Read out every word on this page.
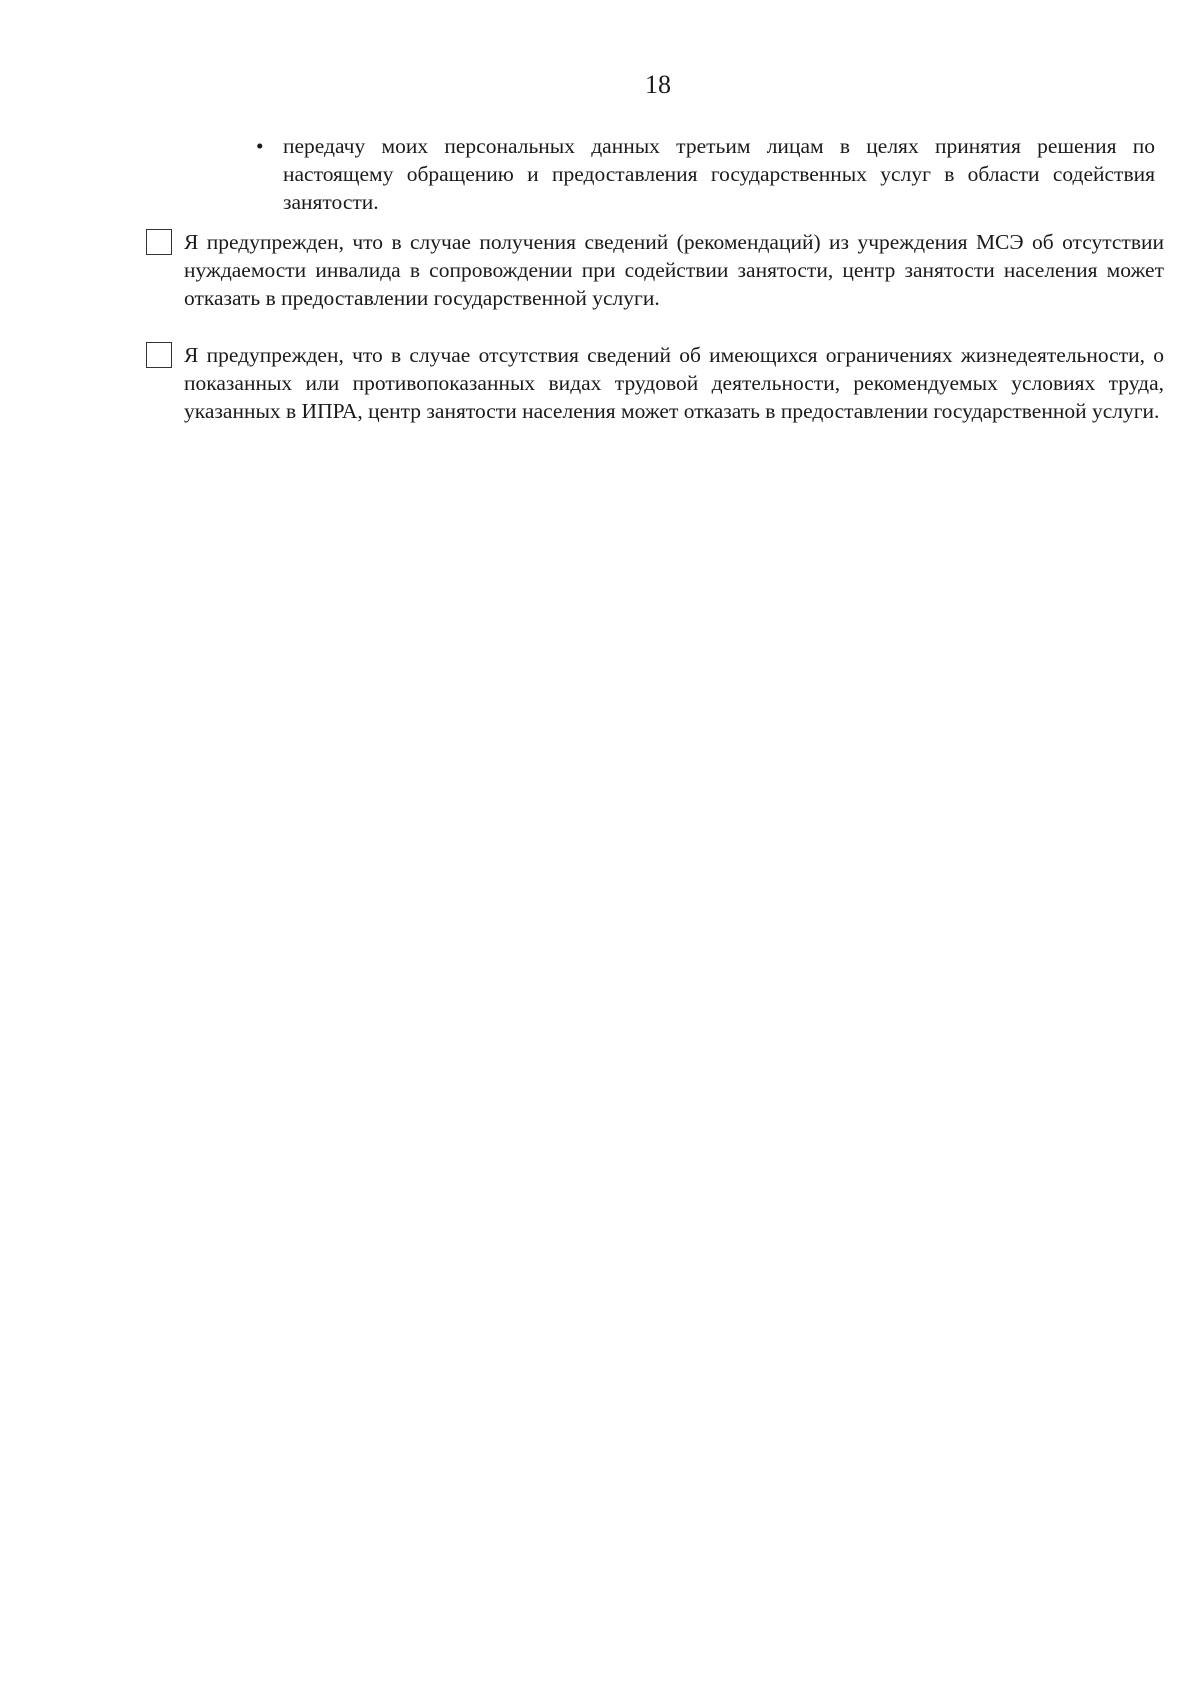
18
• передачу моих персональных данных третьим лицам в целях принятия решения по настоящему обращению и предоставления государственных услуг в области содействия занятости.
Я предупрежден, что в случае получения сведений (рекомендаций) из учреждения МСЭ об отсутствии нуждаемости инвалида в сопровождении при содействии занятости, центр занятости населения может отказать в предоставлении государственной услуги.
Я предупрежден, что в случае отсутствия сведений об имеющихся ограничениях жизнедеятельности, о показанных или противопоказанных видах трудовой деятельности, рекомендуемых условиях труда, указанных в ИПРА, центр занятости населения может отказать в предоставлении государственной услуги.
